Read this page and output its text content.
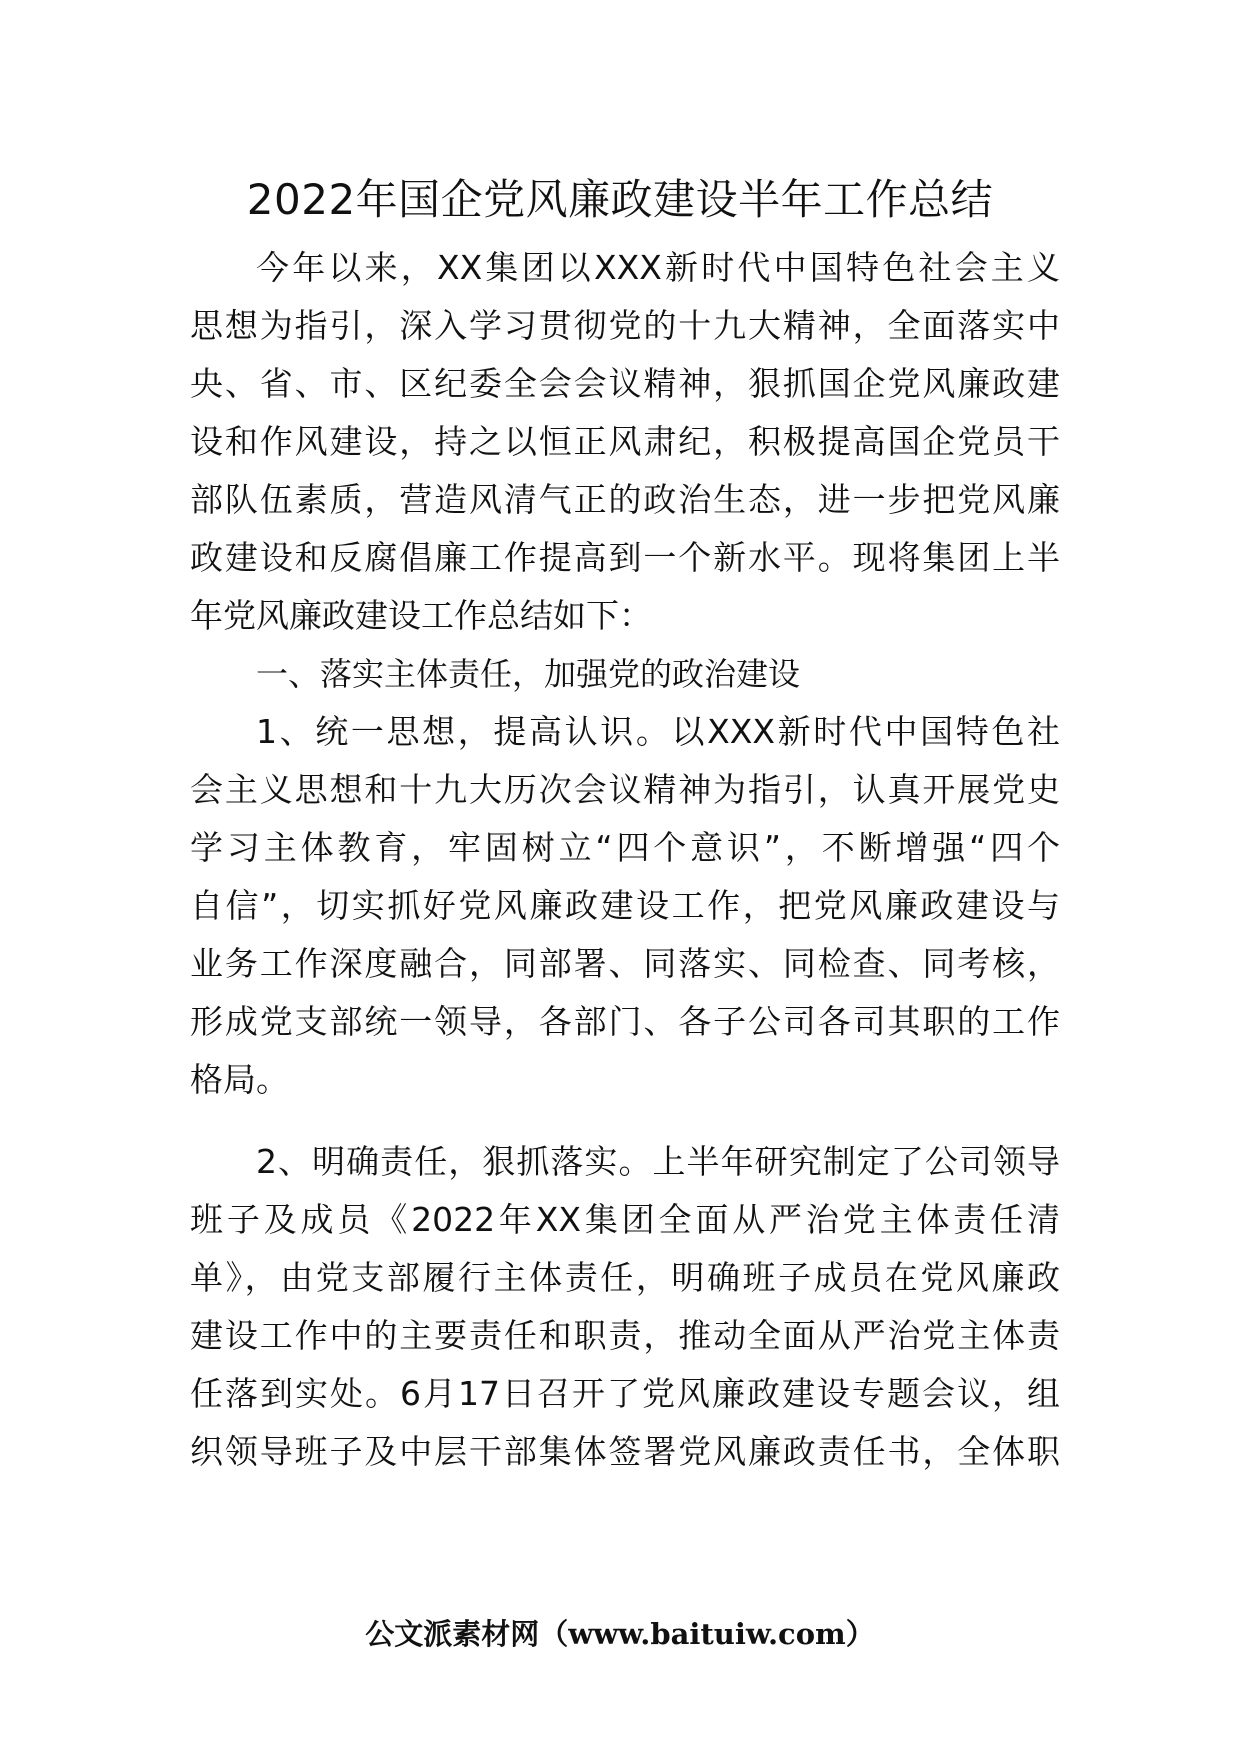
2022年国企党风廉政建设半年工作总结
今年以来，XX集团以XXX新时代中国特色社会主义
思想为指引，深入学习贯彻党的十九大精神，全面落实中
央、省、市、区纪委全会会议精神，狠抓国企党风廉政建
设和作风建设，持之以恒正风肃纪，积极提高国企党员干
部队伍素质，营造风清气正的政治生态，进一步把党风廉
政建设和反腐倡廉工作提高到一个新水平。现将集团上半
年党风廉政建设工作总结如下：
一、落实主体责任，加强党的政治建设
1、统一思想，提高认识。以XXX新时代中国特色社
会主义思想和十九大历次会议精神为指引，认真开展党史
学习主体教育，牢固树立“四个意识”，不断增强“四个
自信”，切实抓好党风廉政建设工作，把党风廉政建设与
业务工作深度融合，同部署、同落实、同检查、同考核，
形成党支部统一领导，各部门、各子公司各司其职的工作
格局。
2、明确责任，狠抓落实。上半年研究制定了公司领导
班子及成员《2022年XX集团全面从严治党主体责任清
单》，由党支部履行主体责任，明确班子成员在党风廉政
建设工作中的主要责任和职责，推动全面从严治党主体责
任落到实处。6月17日召开了党风廉政建设专题会议，组
织领导班子及中层干部集体签署党风廉政责任书，全体职
公文派素材网（www.baituiw.com）
